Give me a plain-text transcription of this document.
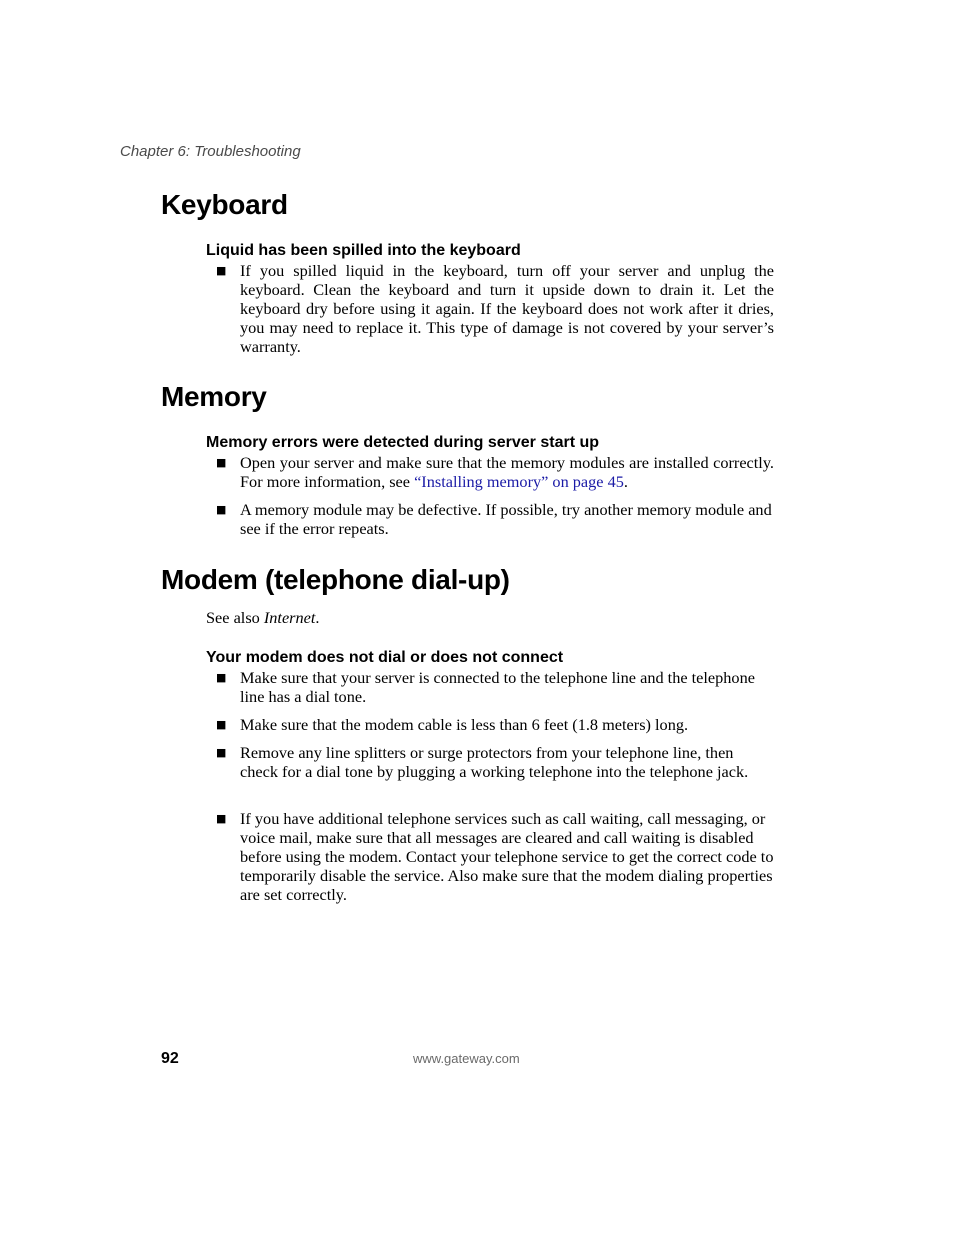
Chapter 6: Troubleshooting
Keyboard
Liquid has been spilled into the keyboard
■ If you spilled liquid in the keyboard, turn off your server and unplug the keyboard. Clean the keyboard and turn it upside down to drain it. Let the keyboard dry before using it again. If the keyboard does not work after it dries, you may need to replace it. This type of damage is not covered by your server’s warranty.

Memory
Memory errors were detected during server start up
■ Open your server and make sure that the memory modules are installed correctly. For more information, see “Installing memory” on page 45.

■ A memory module may be defective. If possible, try another memory module and see if the error repeats.

Modem (telephone dial-up)
See also Internet.
Your modem does not dial or does not connect
■ Make sure that your server is connected to the telephone line and the telephone line has a dial tone.

■ Make sure that the modem cable is less than 6 feet (1.8 meters) long.

■ Remove any line splitters or surge protectors from your telephone line, then check for a dial tone by plugging a working telephone into the telephone jack.

■ If you have additional telephone services such as call waiting, call messaging, or voice mail, make sure that all messages are cleared and call waiting is disabled before using the modem. Contact your telephone service to get the correct code to temporarily disable the service. Also make sure that the modem dialing properties are set correctly.

92	www.gateway.com
